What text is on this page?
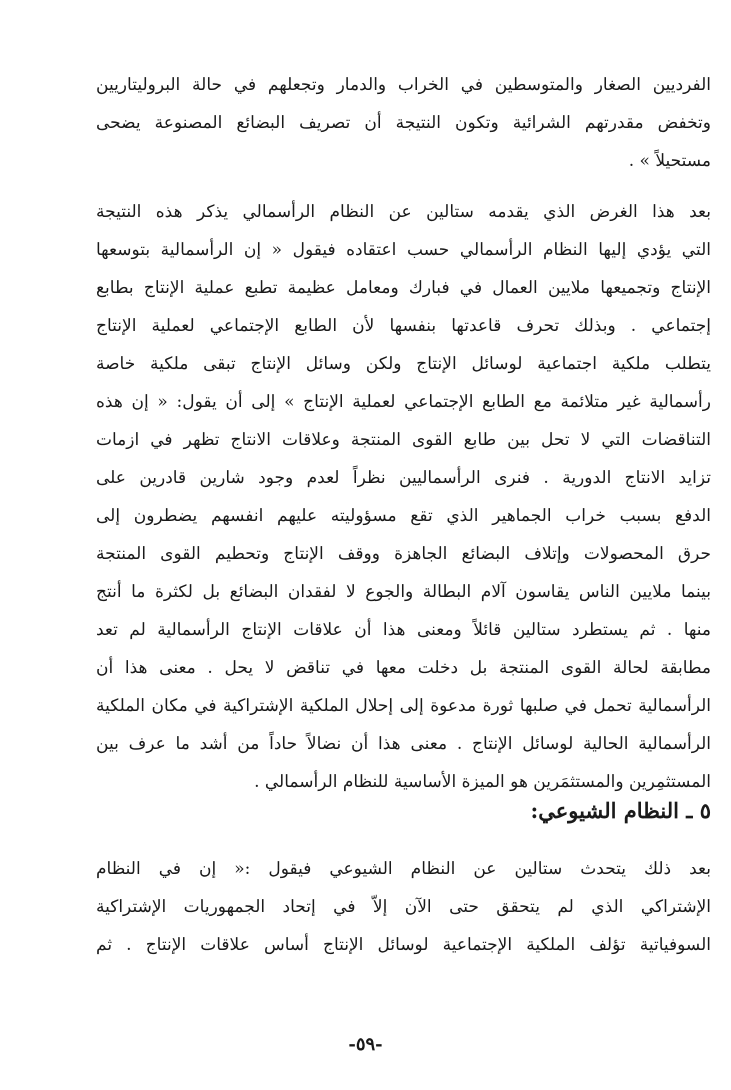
الفرديين الصغار والمتوسطين في الخراب والدمار وتجعلهم في حالة البروليتاريين
وتخفض مقدرتهم الشرائية وتكون النتيجة أن تصريف البضائع المصنوعة يضحى
مستحيلاً » .
بعد هذا الغرض الذي يقدمه ستالين عن النظام الرأسمالي يذكر هذه النتيجة
التي يؤدي إليها النظام الرأسمالي حسب اعتقاده فيقول « إن الرأسمالية بتوسعها
الإنتاج وتجميعها ملايين العمال في فبارك ومعامل عظيمة تطبع عملية الإنتاج بطابع
إجتماعي . وبذلك تحرف قاعدتها بنفسها لأن الطابع الإجتماعي لعملية الإنتاج
يتطلب ملكية اجتماعية لوسائل الإنتاج ولكن وسائل الإنتاج تبقى ملكية خاصة
رأسمالية غير متلائمة مع الطابع الإجتماعي لعملية الإنتاج » إلى أن يقول: « إن هذه
التناقضات التي لا تحل بين طابع القوى المنتجة وعلاقات الانتاج تظهر في ازمات
تزايد الانتاج الدورية . فنرى الرأسماليين نظراً لعدم وجود شارين قادرين على
الدفع بسبب خراب الجماهير الذي تقع مسؤوليته عليهم انفسهم يضطرون إلى
حرق المحصولات وإتلاف البضائع الجاهزة ووقف الإنتاج وتحطيم القوى المنتجة
بينما ملايين الناس يقاسون آلام البطالة والجوع لا لفقدان البضائع بل لكثرة ما أنتج
منها . ثم يستطرد ستالين قائلاً ومعنى هذا أن علاقات الإنتاج الرأسمالية لم تعد
مطابقة لحالة القوى المنتجة بل دخلت معها في تناقض لا يحل . معنى هذا أن
الرأسمالية تحمل في صلبها ثورة مدعوة إلى إحلال الملكية الإشتراكية في مكان الملكية
الرأسمالية الحالية لوسائل الإنتاج . معنى هذا أن نضالاً حاداً من أشد ما عرف بين
المستثمِرين والمستثمَرين هو الميزة الأساسية للنظام الرأسمالي .
٥ ـ النظام الشيوعي:
بعد ذلك يتحدث ستالين عن النظام الشيوعي فيقول :« إن في النظام
الإشتراكي الذي لم يتحقق حتى الآن إلاّ في إتحاد الجمهوريات الإشتراكية
السوفياتية تؤلف الملكية الإجتماعية لوسائل الإنتاج أساس علاقات الإنتاج . ثم
-٥٩-
